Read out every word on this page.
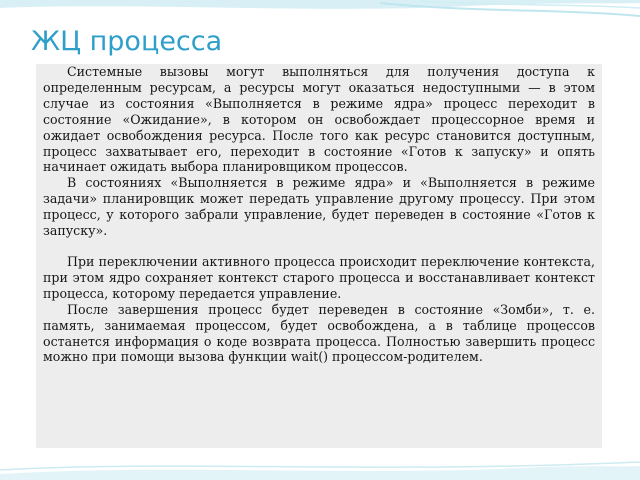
ЖЦ процесса

Системные вызовы могут выполняться для получения доступа к определенным ресурсам, а ресурсы могут оказаться недоступными — в этом случае из состояния «Выполняется в режиме ядра» процесс переходит в состояние «Ожидание», в котором он освобождает процессорное время и ожидает освобождения ресурса. После того как ресурс становится доступным, процесс захватывает его, переходит в состояние «Готов к запуску» и опять начинает ожидать выбора планировщиком процессов.

В состояниях «Выполняется в режиме ядра» и «Выполняется в режиме задачи» планировщик может передать управление другому процессу. При этом процесс, у которого забрали управление, будет переведен в состояние «Готов к запуску».

При переключении активного процесса происходит переключение контекста, при этом ядро сохраняет контекст старого процесса и восстанавливает контекст процесса, которому передается управление.

После завершения процесс будет переведен в состояние «Зомби», т. е. память, занимаемая процессом, будет освобождена, а в таблице процессов останется информация о коде возврата процесса. Полностью завершить процесс можно при помощи вызова функции wait() процессом-родителем.
